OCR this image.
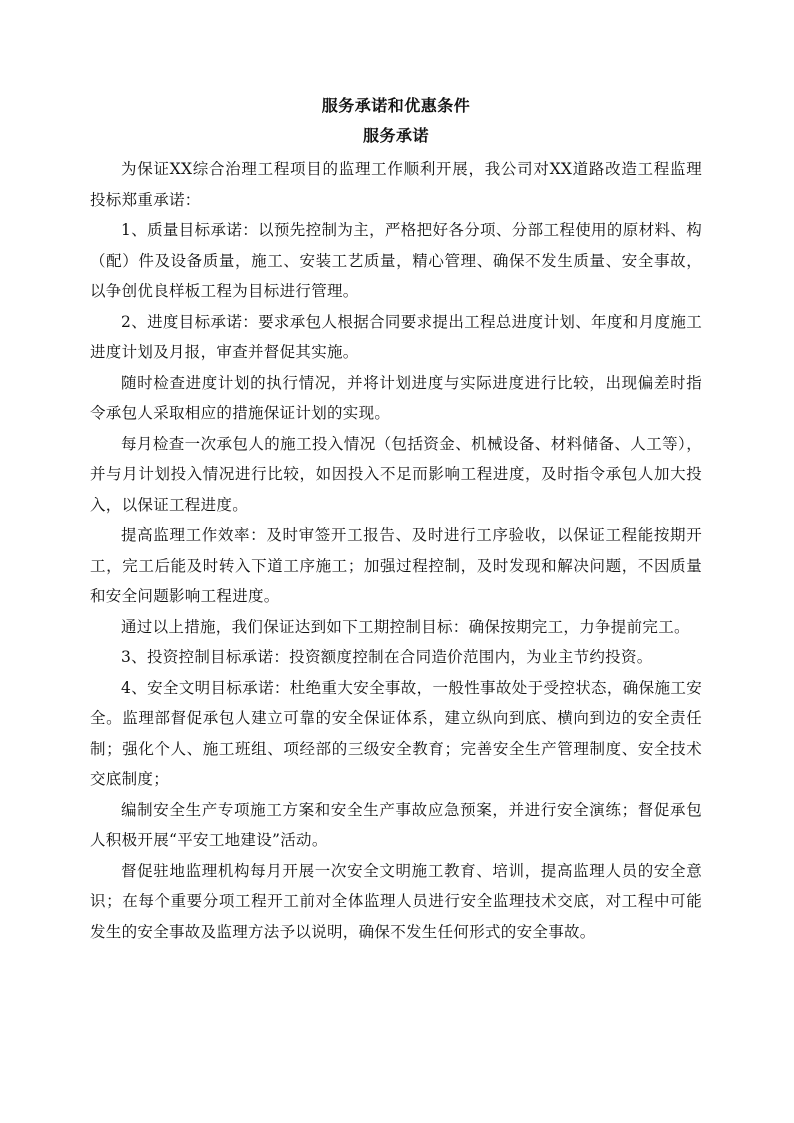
服务承诺和优惠条件
服务承诺

为保证XX综合治理工程项目的监理工作顺利开展，我公司对XX道路改造工程监理投标郑重承诺：

1、质量目标承诺：以预先控制为主，严格把好各分项、分部工程使用的原材料、构（配）件及设备质量，施工、安装工艺质量，精心管理、确保不发生质量、安全事故，以争创优良样板工程为目标进行管理。

2、进度目标承诺：要求承包人根据合同要求提出工程总进度计划、年度和月度施工进度计划及月报，审查并督促其实施。

随时检查进度计划的执行情况，并将计划进度与实际进度进行比较，出现偏差时指令承包人采取相应的措施保证计划的实现。

每月检查一次承包人的施工投入情况（包括资金、机械设备、材料储备、人工等），并与月计划投入情况进行比较，如因投入不足而影响工程进度，及时指令承包人加大投入，以保证工程进度。

提高监理工作效率：及时审签开工报告、及时进行工序验收，以保证工程能按期开工，完工后能及时转入下道工序施工；加强过程控制，及时发现和解决问题，不因质量和安全问题影响工程进度。

通过以上措施，我们保证达到如下工期控制目标：确保按期完工，力争提前完工。

3、投资控制目标承诺：投资额度控制在合同造价范围内，为业主节约投资。

4、安全文明目标承诺：杜绝重大安全事故，一般性事故处于受控状态，确保施工安全。监理部督促承包人建立可靠的安全保证体系，建立纵向到底、横向到边的安全责任制；强化个人、施工班组、项经部的三级安全教育；完善安全生产管理制度、安全技术交底制度；

编制安全生产专项施工方案和安全生产事故应急预案，并进行安全演练；督促承包人积极开展“平安工地建设”活动。

督促驻地监理机构每月开展一次安全文明施工教育、培训，提高监理人员的安全意识；在每个重要分项工程开工前对全体监理人员进行安全监理技术交底，对工程中可能发生的安全事故及监理方法予以说明，确保不发生任何形式的安全事故。
